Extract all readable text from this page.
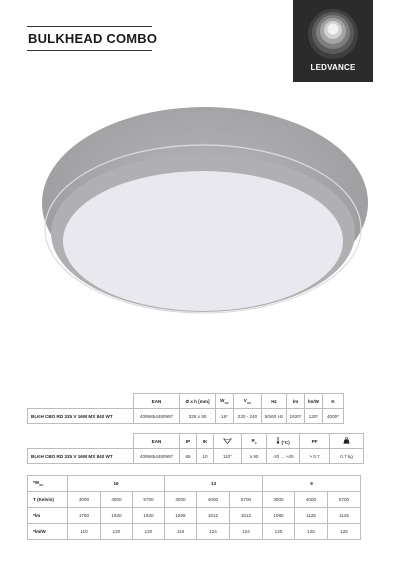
BULKHEAD COMBO
LEDVANCE
	EAN	Ø x h [mm]	$W_{AC}$	$V_{AC}$	Hz	lm	lm/W	K
BLKH CBO RD 325 V 16W MS 840 WT	4099854480997	325 x 90	16*	220 - 240	50/60 Hz	1920*	120*	4000*
	EAN	IP	IK		$R_a$	(°C)	PF	
BLKH CBO RD 325 V 16W MS 840 WT	4099854480997	65	10	110°	≥ 90	-20 ... +40	> 0.7	0.7 kg
$*W_{AC}$	16			13			9		
T (Kelvin)	3000	4000	5700	3000	4000	5700	3000	4000	5700
*lm	1760	1920	1920	1508	1612	1612	1080	1125	1125
*lm/W	110	120	120	116	124	124	120	125	125
